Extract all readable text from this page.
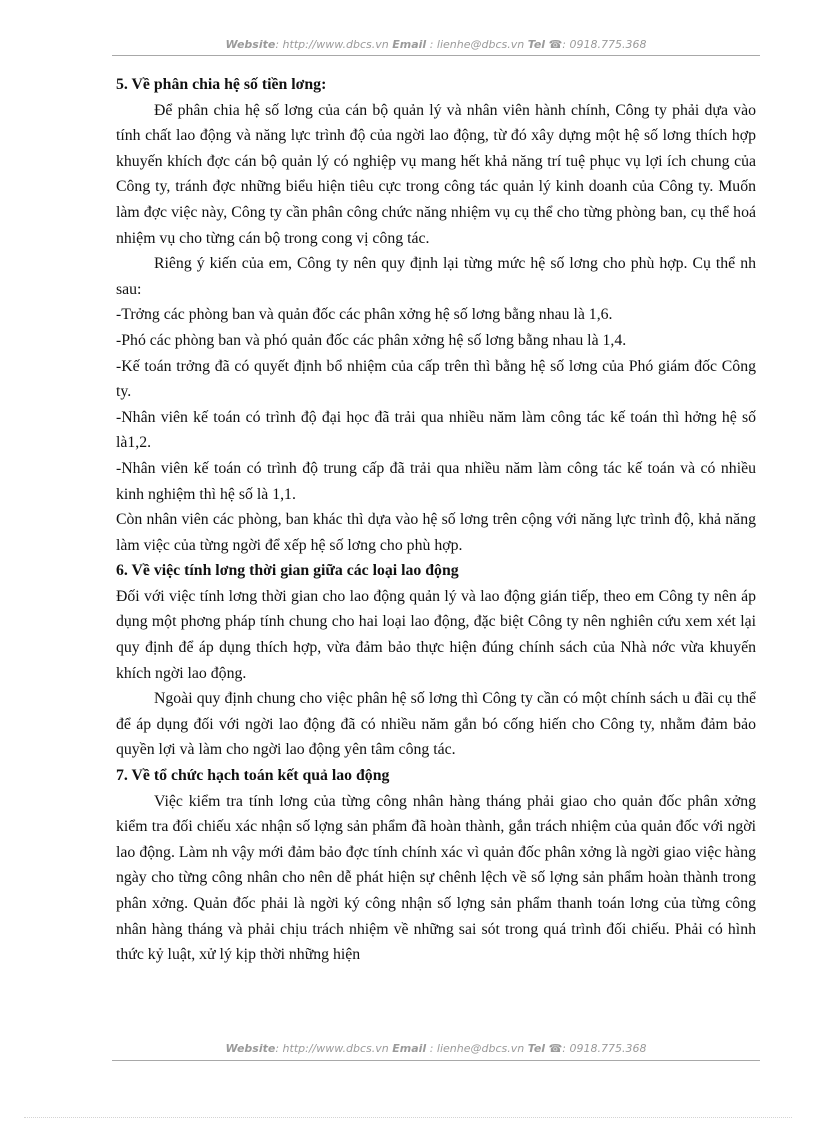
Website: http://www.dbcs.vn Email : lienhe@dbcs.vn Tel ☎: 0918.775.368
5. Về phân chia hệ số tiền lơng:

Để phân chia hệ số lơng của cán bộ quản lý và nhân viên hành chính, Công ty phải dựa vào tính chất lao động và năng lực trình độ của ngời lao động, từ đó xây dựng một hệ số lơng thích hợp khuyến khích đợc cán bộ quản lý có nghiệp vụ mang hết khả năng trí tuệ phục vụ lợi ích chung của Công ty, tránh đợc những biểu hiện tiêu cực trong công tác quản lý kinh doanh của Công ty. Muốn làm đợc việc này, Công ty cần phân công chức năng nhiệm vụ cụ thể cho từng phòng ban, cụ thể hoá nhiệm vụ cho từng cán bộ trong cong vị công tác.

Riêng ý kiến của em, Công ty nên quy định lại từng mức hệ số lơng cho phù hợp. Cụ thể nh sau:

-Trởng các phòng ban và quản đốc các phân xởng hệ số lơng bằng nhau là 1,6.

-Phó các phòng ban và phó quản đốc các phân xởng hệ số lơng bằng nhau là 1,4.

-Kế toán trởng đã có quyết định bổ nhiệm của cấp trên thì bằng hệ số lơng của Phó giám đốc Công ty.

-Nhân viên kế toán có trình độ đại học đã trải qua nhiều năm làm công tác kế toán thì hởng hệ số là1,2.

-Nhân viên kế toán có trình độ trung cấp đã trải qua nhiều năm làm công tác kế toán và có nhiều kinh nghiệm thì hệ số là 1,1.

Còn nhân viên các phòng, ban khác thì dựa vào hệ số lơng trên cộng với năng lực trình độ, khả năng làm việc của từng ngời để xếp hệ số lơng cho phù hợp.

6. Về việc tính lơng thời gian giữa các loại lao động

Đối với việc tính lơng thời gian cho lao động quản lý và lao động gián tiếp, theo em Công ty nên áp dụng một phơng pháp tính chung cho hai loại lao động, đặc biệt Công ty nên nghiên cứu xem xét lại quy định để áp dụng thích hợp, vừa đảm bảo thực hiện đúng chính sách của Nhà nớc vừa khuyến khích ngời lao động.

Ngoài quy định chung cho việc phân hệ số lơng thì Công ty cần có một chính sách u đãi cụ thể để áp dụng đối với ngời lao động đã có nhiều năm gắn bó cống hiến cho Công ty, nhằm đảm bảo quyền lợi và làm cho ngời lao động yên tâm công tác.

7. Về tổ chức hạch toán kết quả lao động

Việc kiểm tra tính lơng của từng công nhân hàng tháng phải giao cho quản đốc phân xởng kiểm tra đối chiếu xác nhận số lợng sản phẩm đã hoàn thành, gắn trách nhiệm của quản đốc với ngời lao động. Làm nh vậy mới đảm bảo đợc tính chính xác vì quản đốc phân xởng là ngời giao việc hàng ngày cho từng công nhân cho nên dễ phát hiện sự chênh lệch về số lợng sản phẩm hoàn thành trong phân xởng. Quản đốc phải là ngời ký công nhận số lợng sản phẩm thanh toán lơng của từng công nhân hàng tháng và phải chịu trách nhiệm về những sai sót trong quá trình đối chiếu. Phải có hình thức kỷ luật, xử lý kịp thời những hiện

Website: http://www.dbcs.vn Email : lienhe@dbcs.vn Tel ☎: 0918.775.368
